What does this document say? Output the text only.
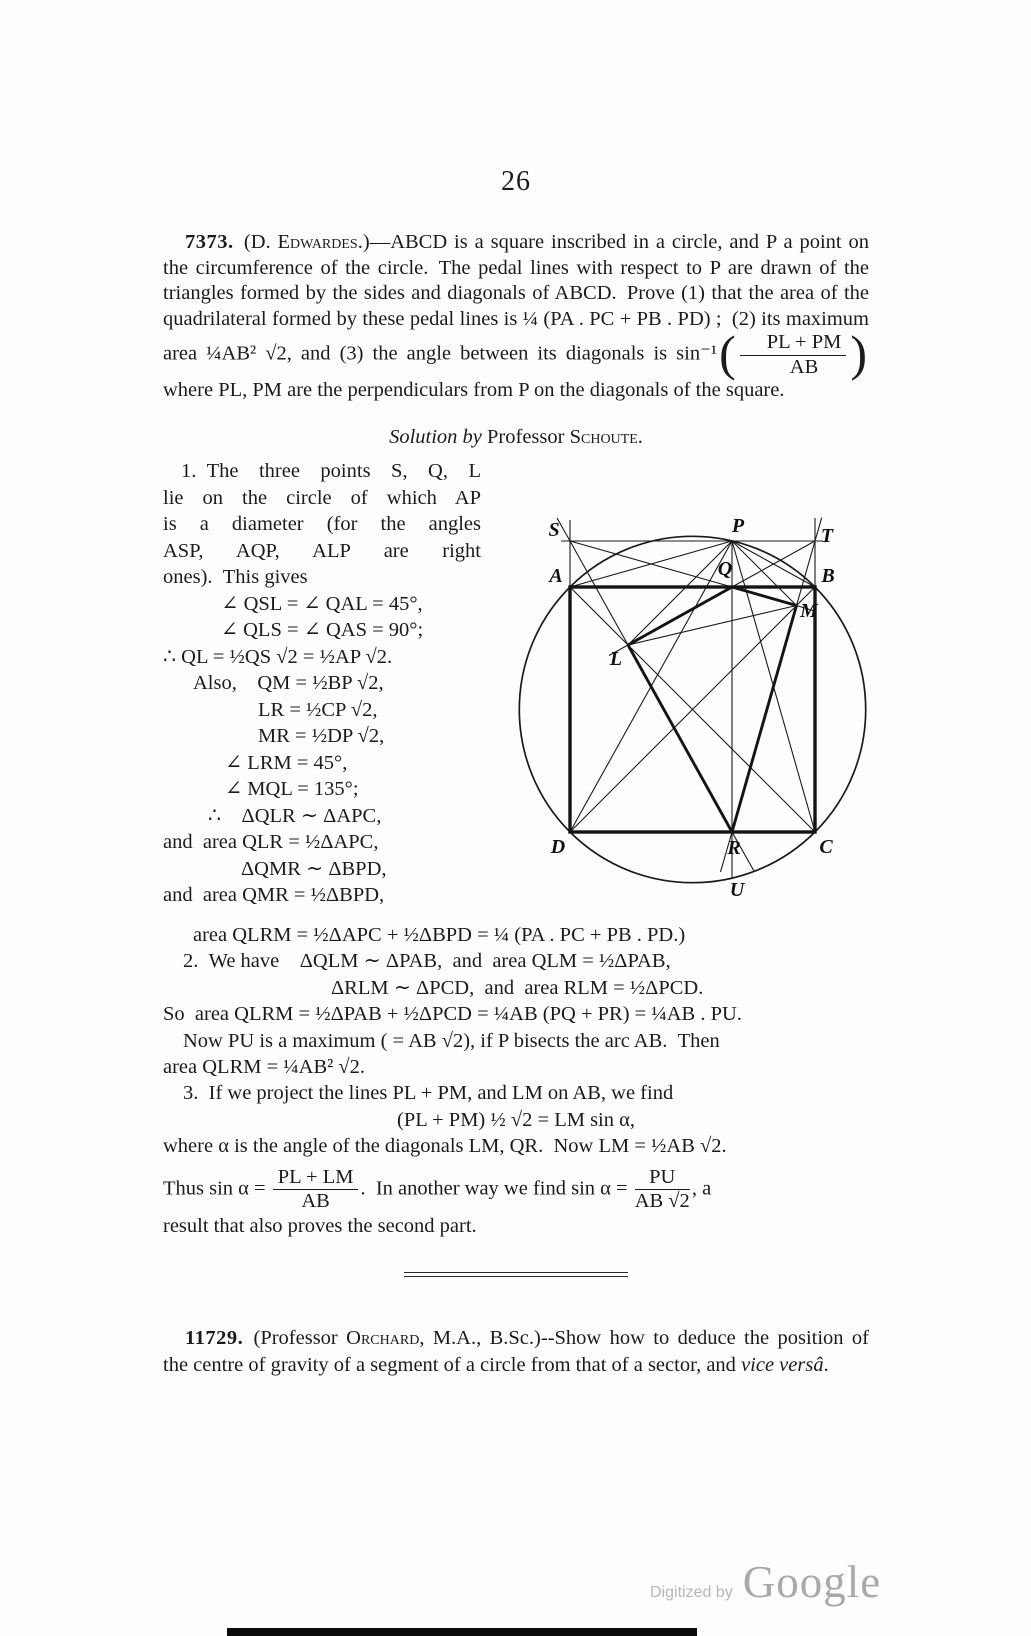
26

7373. (D. Edwardes.)—ABCD is a square inscribed in a circle, and P a point on the circumference of the circle. The pedal lines with respect to P are drawn of the triangles formed by the sides and diagonals of ABCD. Prove (1) that the area of the quadrilateral formed by these pedal lines is ¼ (PA . PC + PB . PD) ; (2) its maximum area ¼AB² √2, and (3) the angle between its diagonals is $\sin^{-1}( \frac{PL + PM}{AB}$ ) where PL, PM are the perpendiculars from P on the diagonals of the square.

Solution by Professor Schoute.
1. The three points S, Q, L
lie on the circle of which AP
is a diameter (for the angles
ASP, AQP, ALP are right
ones). This gives
∠ QSL = ∠ QAL = 45°,
∠ QLS = ∠ QAS = 90°;
∴ QL = ½QS √2 = ½AP √2.
Also, QM = ½BP √2,
LR = ½CP √2,
MR = ½DP √2,
∠ LRM = 45°,
∠ MQL = 135°;
∴ ΔQLR ∼ ΔAPC,
and area QLR = ½ΔAPC,
ΔQMR ∼ ΔBPD,
and area QMR = ½ΔBPD,
S	P	T
A	Q	B
M
L
D	R	C
U
area QLRM = ½ΔAPC + ½ΔBPD = ¼ (PA . PC + PB . PD.)
2. We have ΔQLM ∼ ΔPAB, and area QLM = ½ΔPAB,
ΔRLM ∼ ΔPCD, and area RLM = ½ΔPCD.
So area QLRM = ½ΔPAB + ½ΔPCD = ¼AB (PQ + PR) = ¼AB . PU.
Now PU is a maximum ( = AB √2), if P bisects the arc AB. Then
area QLRM = ¼AB² √2.
3. If we project the lines PL + PM, and LM on AB, we find
(PL + PM) ½ √2 = LM sin α,
where α is the angle of the diagonals LM, QR. Now LM = ½AB √2.
Thus $\sin \alpha = \frac{PL + LM}{AB}$ . In another way we find $\sin \alpha = \frac{PU}{AB √2}$ , a
result that also proves the second part.

11729. (Professor Orchard, M.A., B.Sc.)--Show how to deduce the position of the centre of gravity of a segment of a circle from that of a sector, and vice versâ.

Digitized by Google
